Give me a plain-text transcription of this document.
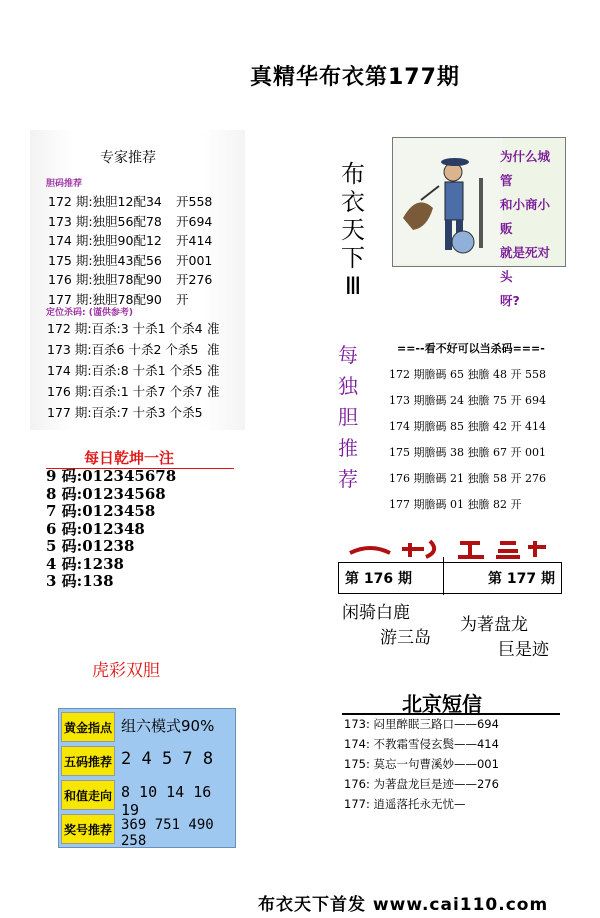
真精华布衣第177期
专家推荐
胆码推荐
172 期:独胆12配34 开558
173 期:独胆56配78 开694
174 期:独胆90配12 开414
175 期:独胆43配56 开001
176 期:独胆78配90 开276
177 期:独胆78配90 开
定位杀码: (谨供参考)
172 期:百杀:3 十杀1 个杀4 准
173 期:百杀6 十杀2 个杀5 准
174 期:百杀:8 十杀1 个杀5 准
176 期:百杀:1 十杀7 个杀7 准
177 期:百杀:7 十杀3 个杀5
每日乾坤一注
9 码:012345678
8 码:01234568
7 码:0123458
6 码:012348
5 码:01238
4 码:1238
3 码:138
虎彩双胆
黄金指点 组六模式90%
五码推荐 2 4 5 7 8
和值走向 8 10 14 16 19
奖号推荐 369 751 490 258
布
衣
天
下
Ⅲ
为什么城管
和小商小贩
就是死对头
呀?
==--看不好可以当杀码===-
172 期膽碼 65 独膽 48 开 558
173 期膽碼 24 独膽 75 开 694
174 期膽碼 85 独膽 42 开 414
175 期膽碼 38 独膽 67 开 001
176 期膽碼 21 独膽 58 开 276
177 期膽碼 01 独膽 82 开
每
独
胆
推
荐
第 176 期	第 177 期
闲骑白鹿
游三岛
为著盘龙
巨是迹
北京短信
173: 闷里醉眠三路口——694
174: 不教霜雪侵玄鬓——414
175: 莫忘一句曹溪妙——001
176: 为著盘龙巨是迹——276
177: 逍遥落托永无忧—
布衣天下首发 www.cai110.com
